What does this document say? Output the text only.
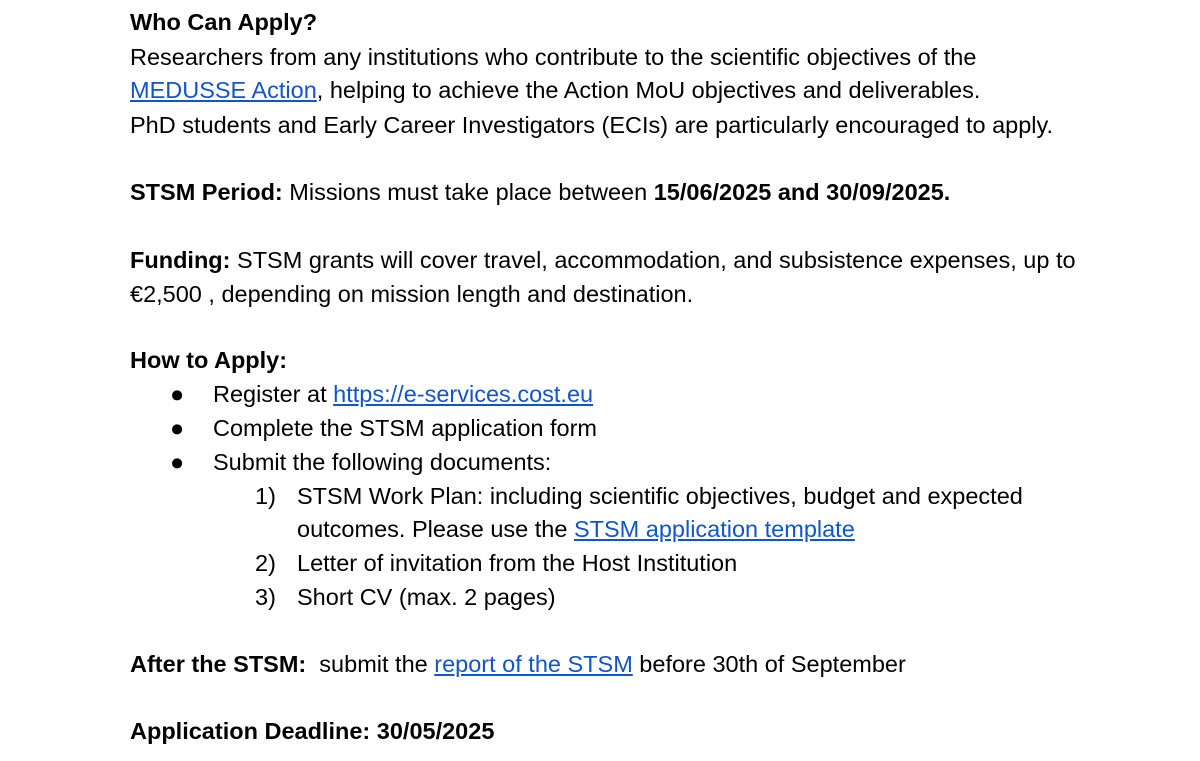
Who Can Apply?
Researchers from any institutions who contribute to the scientific objectives of the
MEDUSSE Action, helping to achieve the Action MoU objectives and deliverables.
PhD students and Early Career Investigators (ECIs) are particularly encouraged to apply.
STSM Period: Missions must take place between 15/06/2025 and 30/09/2025.
Funding: STSM grants will cover travel, accommodation, and subsistence expenses, up to
€2,500 , depending on mission length and destination.
How to Apply:
● Register at https://e-services.cost.eu
● Complete the STSM application form
● Submit the following documents:
1) STSM Work Plan: including scientific objectives, budget and expected
outcomes. Please use the STSM application template
2) Letter of invitation from the Host Institution
3) Short CV (max. 2 pages)
After the STSM:  submit the report of the STSM before 30th of September
Application Deadline: 30/05/2025
